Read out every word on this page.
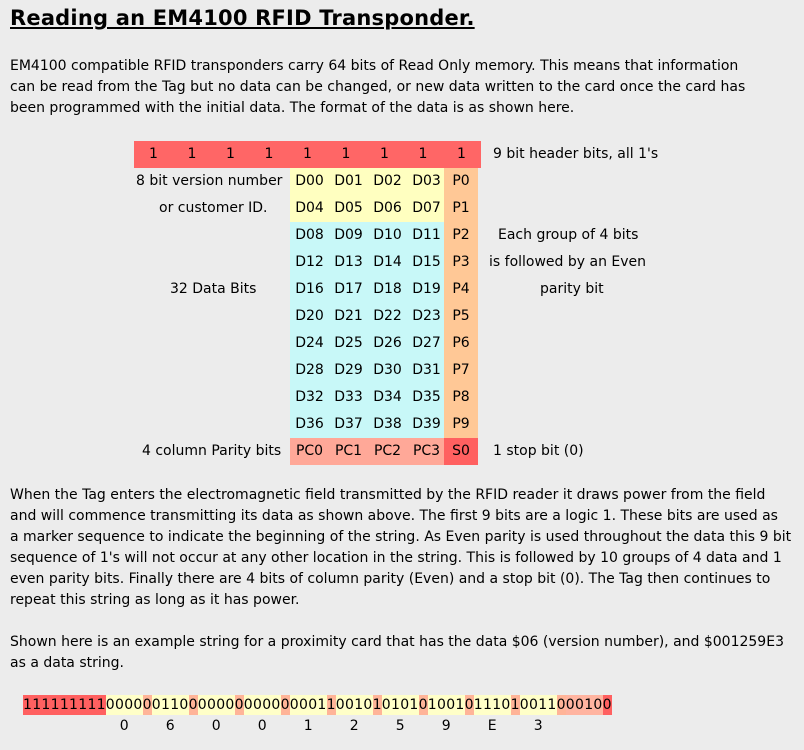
Reading an EM4100 RFID Transponder.
EM4100 compatible RFID transponders carry 64 bits of Read Only memory. This means that information
can be read from the Tag but no data can be changed, or new data written to the card once the card has
been programmed with the initial data. The format of the data is as shown here.
9 bit header bits, all 1's
8 bit version number
or customer ID.
32 Data Bits
4 column Parity bits
Each group of 4 bits
is followed by an Even
parity bit
1 stop bit (0)
1	1	1	1	1	1	1	1	1
D00 D01 D02 D03 P0
D04 D05 D06 D07 P1
D08 D09 D10 D11 P2
D12 D13 D14 D15 P3
D16 D17 D18 D19 P4
D20 D21 D22 D23 P5
D24 D25 D26 D27 P6
D28 D29 D30 D31 P7
D32 D33 D34 D35 P8
D36 D37 D38 D39 P9
PC0 PC1 PC2 PC3 S0
When the Tag enters the electromagnetic field transmitted by the RFID reader it draws power from the field
and will commence transmitting its data as shown above. The first 9 bits are a logic 1. These bits are used as
a marker sequence to indicate the beginning of the string. As Even parity is used throughout the data this 9 bit
sequence of 1's will not occur at any other location in the string. This is followed by 10 groups of 4 data and 1
even parity bits. Finally there are 4 bits of column parity (Even) and a stop bit (0). The Tag then continues to
repeat this string as long as it has power.
Shown here is an example string for a proximity card that has the data $06 (version number), and $001259E3
as a data string.
111111111 0000 0
0
0110 0
6
0000 0
0
0000 0
0
0001 1
1
0010 1
2
0101 0
5
1001 0
9
1110 1
E
0011 0
3
0010 0
